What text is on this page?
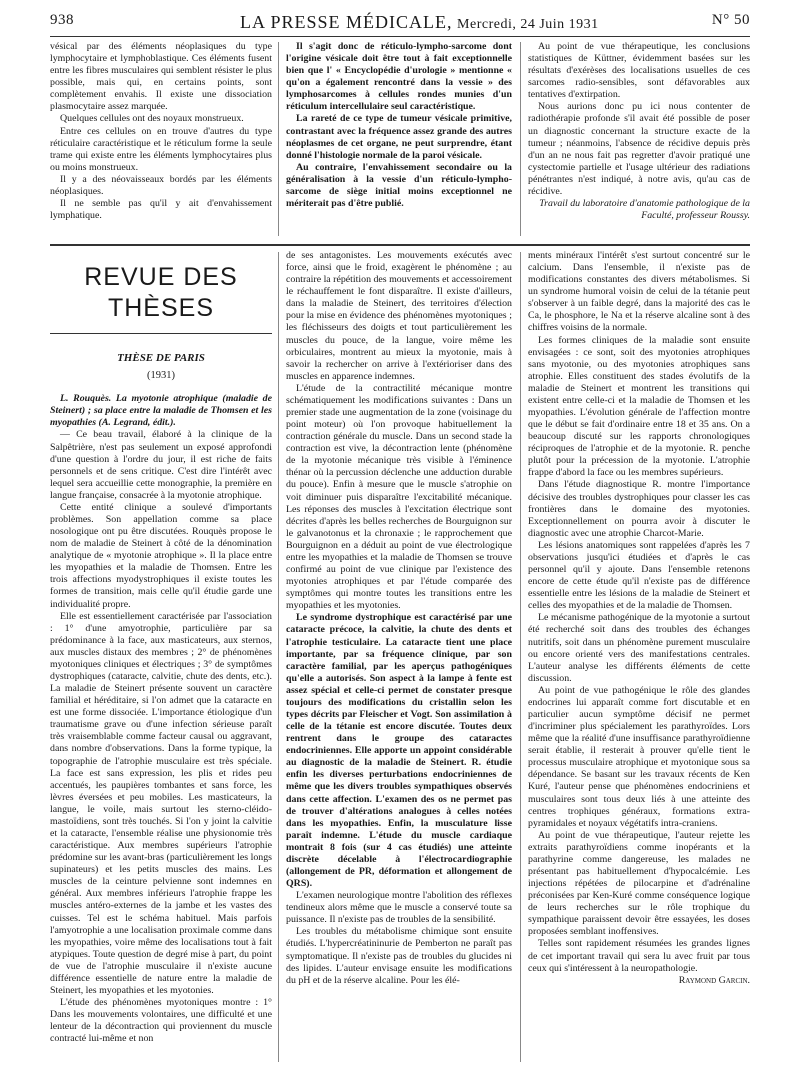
938	LA PRESSE MÉDICALE, Mercredi, 24 Juin 1931	N° 50

vésical par des éléments néoplasiques du type lymphocytaire et lymphoblastique. Ces éléments fusent entre les fibres musculaires qui semblent résister le plus possible, mais qui, en certains points, sont complètement envahis. Il existe une dissociation plasmocytaire assez marquée.

Quelques cellules ont des noyaux monstrueux.

Entre ces cellules on en trouve d'autres du type réticulaire caractéristique et le réticulum forme la seule trame qui existe entre les éléments lymphocytaires plus ou moins monstrueux.

Il y a des néovaisseaux bordés par les éléments néoplasiques.

Il ne semble pas qu'il y ait d'envahissement lymphatique.

Il s'agit donc de réticulo-lympho-sarcome dont l'origine vésicale doit être tout à fait exceptionnelle bien que l' « Encyclopédie d'urologie » mentionne « qu'on a également rencontré dans la vessie » des lymphosarcomes à cellules rondes munies d'un réticulum intercellulaire seul caractéristique.

La rareté de ce type de tumeur vésicale primitive, contrastant avec la fréquence assez grande des autres néoplasmes de cet organe, ne peut surprendre, étant donné l'histologie normale de la paroi vésicale.

Au contraire, l'envahissement secondaire ou la généralisation à la vessie d'un réticulo-lympho-sarcome de siège initial moins exceptionnel ne mériterait pas d'être publié.

Au point de vue thérapeutique, les conclusions statistiques de Küttner, évidemment basées sur les résultats d'exérèses des localisations usuelles de ces sarcomes radio-sensibles, sont défavorables aux tentatives d'extirpation.

Nous aurions donc pu ici nous contenter de radiothérapie profonde s'il avait été possible de poser un diagnostic concernant la structure exacte de la tumeur ; néanmoins, l'absence de récidive depuis près d'un an ne nous fait pas regretter d'avoir pratiqué une cystectomie partielle et l'usage ultérieur des radiations pénétrantes n'est indiqué, à notre avis, qu'au cas de récidive.

Travail du laboratoire d'anatomie pathologique de la Faculté, professeur Roussy.

REVUE DES THÈSES
THÈSE DE PARIS
(1931)

L. Rouquès. La myotonie atrophique (maladie de Steinert) ; sa place entre la maladie de Thomsen et les myopathies (A. Legrand, édit.).

— Ce beau travail, élaboré à la clinique de la Salpêtrière, n'est pas seulement un exposé approfondi d'une question à l'ordre du jour, il est riche de faits personnels et de sens critique. C'est dire l'intérêt avec lequel sera accueillie cette monographie, la première en langue française, consacrée à la myotonie atrophique.

Cette entité clinique a soulevé d'importants problèmes. Son appellation comme sa place nosologique ont pu être discutées. Rouquès propose le nom de maladie de Steinert à côté de la dénomination analytique de « myotonie atrophique ». Il la place entre les myopathies et la maladie de Thomsen. Entre les trois affections myodystrophiques il existe toutes les formes de transition, mais celle qu'il étudie garde une individualité propre.

Elle est essentiellement caractérisée par l'association : 1° d'une amyotrophie, particulière par sa prédominance à la face, aux masticateurs, aux sternos, aux muscles distaux des membres ; 2° de phénomènes myotoniques cliniques et électriques ; 3° de symptômes dystrophiques (cataracte, calvitie, chute des dents, etc.). La maladie de Steinert présente souvent un caractère familial et héréditaire, si l'on admet que la cataracte en est une forme dissociée. L'importance étiologique d'un traumatisme grave ou d'une infection sérieuse paraît très vraisemblable comme facteur causal ou aggravant, dans nombre d'observations. Dans la forme typique, la topographie de l'atrophie musculaire est très spéciale. La face est sans expression, les plis et rides peu accentués, les paupières tombantes et sans force, les lèvres éversées et peu mobiles. Les masticateurs, la langue, le voile, mais surtout les sterno-cléido-mastoïdiens, sont très touchés. Si l'on y joint la calvitie et la cataracte, l'ensemble réalise une physionomie très caractéristique. Aux membres supérieurs l'atrophie prédomine sur les avant-bras (particulièrement les longs supinateurs) et les petits muscles des mains. Les muscles de la ceinture pelvienne sont indemnes en général. Aux membres inférieurs l'atrophie frappe les muscles antéro-externes de la jambe et les vastes des cuisses. Tel est le schéma habituel. Mais parfois l'amyotrophie a une localisation proximale comme dans les myopathies, voire même des localisations tout à fait atypiques. Toute question de degré mise à part, du point de vue de l'atrophie musculaire il n'existe aucune différence essentielle de nature entre la maladie de Steinert, les myopathies et les myotonies.

L'étude des phénomènes myotoniques montre : 1° Dans les mouvements volontaires, une difficulté et une lenteur de la décontraction qui proviennent du muscle contracté lui-même et non

de ses antagonistes. Les mouvements exécutés avec force, ainsi que le froid, exagèrent le phénomène ; au contraire la répétition des mouvements et accessoirement le réchauffement le font disparaître. Il existe d'ailleurs, dans la maladie de Steinert, des territoires d'élection pour la mise en évidence des phénomènes myotoniques ; les fléchisseurs des doigts et tout particulièrement les muscles du pouce, de la langue, voire même les orbiculaires, montrent au mieux la myotonie, mais à savoir la rechercher on arrive à l'extérioriser dans des muscles en apparence indemnes.

L'étude de la contractilité mécanique montre schématiquement les modifications suivantes : Dans un premier stade une augmentation de la zone (voisinage du point moteur) où l'on provoque habituellement la contraction générale du muscle. Dans un second stade la contraction est vive, la décontraction lente (phénomène de la myotonie mécanique très visible à l'éminence thénar où la percussion déclenche une adduction durable du pouce). Enfin à mesure que le muscle s'atrophie on voit diminuer puis disparaître l'excitabilité mécanique. Les réponses des muscles à l'excitation électrique sont décrites d'après les belles recherches de Bourguignon sur le galvanotonus et la chronaxie ; le rapprochement que Bourguignon en a déduit au point de vue électrologique entre les myopathies et la maladie de Thomsen se trouve confirmé au point de vue clinique par l'existence des myotonies atrophiques et par l'étude comparée des symptômes qui montre toutes les transitions entre les myopathies et les myotonies.

Le syndrome dystrophique est caractérisé par une cataracte précoce, la calvitie, la chute des dents et l'atrophie testiculaire. La cataracte tient une place importante, par sa fréquence clinique, par son caractère familial, par les aperçus pathogéniques qu'elle a autorisés. Son aspect à la lampe à fente est assez spécial et celle-ci permet de constater presque toujours des modifications du cristallin selon les types décrits par Fleischer et Vogt. Son assimilation à celle de la tétanie est encore discutée. Toutes deux rentrent dans le groupe des cataractes endocriniennes. Elle apporte un appoint considérable au diagnostic de la maladie de Steinert. R. étudie enfin les diverses perturbations endocriniennes de même que les divers troubles sympathiques observés dans cette affection. L'examen des os ne permet pas de trouver d'altérations analogues à celles notées dans les myopathies. Enfin, la musculature lisse paraît indemne. L'étude du muscle cardiaque montrait 8 fois (sur 4 cas étudiés) une atteinte discrète décelable à l'électrocardiographie (allongement de PR, déformation et allongement de QRS).

L'examen neurologique montre l'abolition des réflexes tendineux alors même que le muscle a conservé toute sa puissance. Il n'existe pas de troubles de la sensibilité.

Les troubles du métabolisme chimique sont ensuite étudiés. L'hypercréatininurie de Pemberton ne paraît pas symptomatique. Il n'existe pas de troubles du glucides ni des lipides. L'auteur envisage ensuite les modifications du pH et de la réserve alcaline. Pour les élé-

ments minéraux l'intérêt s'est surtout concentré sur le calcium. Dans l'ensemble, il n'existe pas de modifications constantes des divers métabolismes. Si un syndrome humoral voisin de celui de la tétanie peut s'observer à un faible degré, dans la majorité des cas le Ca, le phosphore, le Na et la réserve alcaline sont à des chiffres voisins de la normale.

Les formes cliniques de la maladie sont ensuite envisagées : ce sont, soit des myotonies atrophiques sans myotonie, ou des myotonies atrophiques sans atrophie. Elles constituent des stades évolutifs de la maladie de Steinert et montrent les transitions qui existent entre celle-ci et la maladie de Thomsen et les myopathies. L'évolution générale de l'affection montre que le début se fait d'ordinaire entre 18 et 35 ans. On a beaucoup discuté sur les rapports chronologiques réciproques de l'atrophie et de la myotonie. R. penche plutôt pour la précession de la myotonie. L'atrophie frappe d'abord la face ou les membres supérieurs.

Dans l'étude diagnostique R. montre l'importance décisive des troubles dystrophiques pour classer les cas frontières dans le domaine des myotonies. Exceptionnellement on pourra avoir à discuter le diagnostic avec une atrophie Charcot-Marie.

Les lésions anatomiques sont rappelées d'après les 7 observations jusqu'ici étudiées et d'après le cas personnel qu'il y ajoute. Dans l'ensemble retenons encore de cette étude qu'il n'existe pas de différence essentielle entre les lésions de la maladie de Steinert et celles des myopathies et de la maladie de Thomsen.

Le mécanisme pathogénique de la myotonie a surtout été recherché soit dans des troubles des échanges nutritifs, soit dans un phénomène purement musculaire ou encore orienté vers des manifestations centrales. L'auteur analyse les différents éléments de cette discussion.

Au point de vue pathogénique le rôle des glandes endocrines lui apparaît comme fort discutable et en particulier aucun symptôme décisif ne permet d'incriminer plus spécialement les parathyroïdes. Lors même que la réalité d'une insuffisance parathyroïdienne serait établie, il resterait à prouver qu'elle tient le processus musculaire atrophique et myotonique sous sa dépendance. Se basant sur les travaux récents de Ken Kuré, l'auteur pense que phénomènes endocriniens et musculaires sont tous deux liés à une atteinte des centres trophiques généraux, formations extra-pyramidales et noyaux végétatifs intra-craniens.

Au point de vue thérapeutique, l'auteur rejette les extraits parathyroïdiens comme inopérants et la parathyrine comme dangereuse, les malades ne présentant pas habituellement d'hypocalcémie. Les injections répétées de pilocarpine et d'adrénaline préconisées par Ken-Kuré comme conséquence logique de leurs recherches sur le rôle trophique du sympathique paraissent devoir être essayées, les doses proposées semblant inoffensives.

Telles sont rapidement résumées les grandes lignes de cet important travail qui sera lu avec fruit par tous ceux qui s'intéressent à la neuropathologie.

Raymond Garcin.
